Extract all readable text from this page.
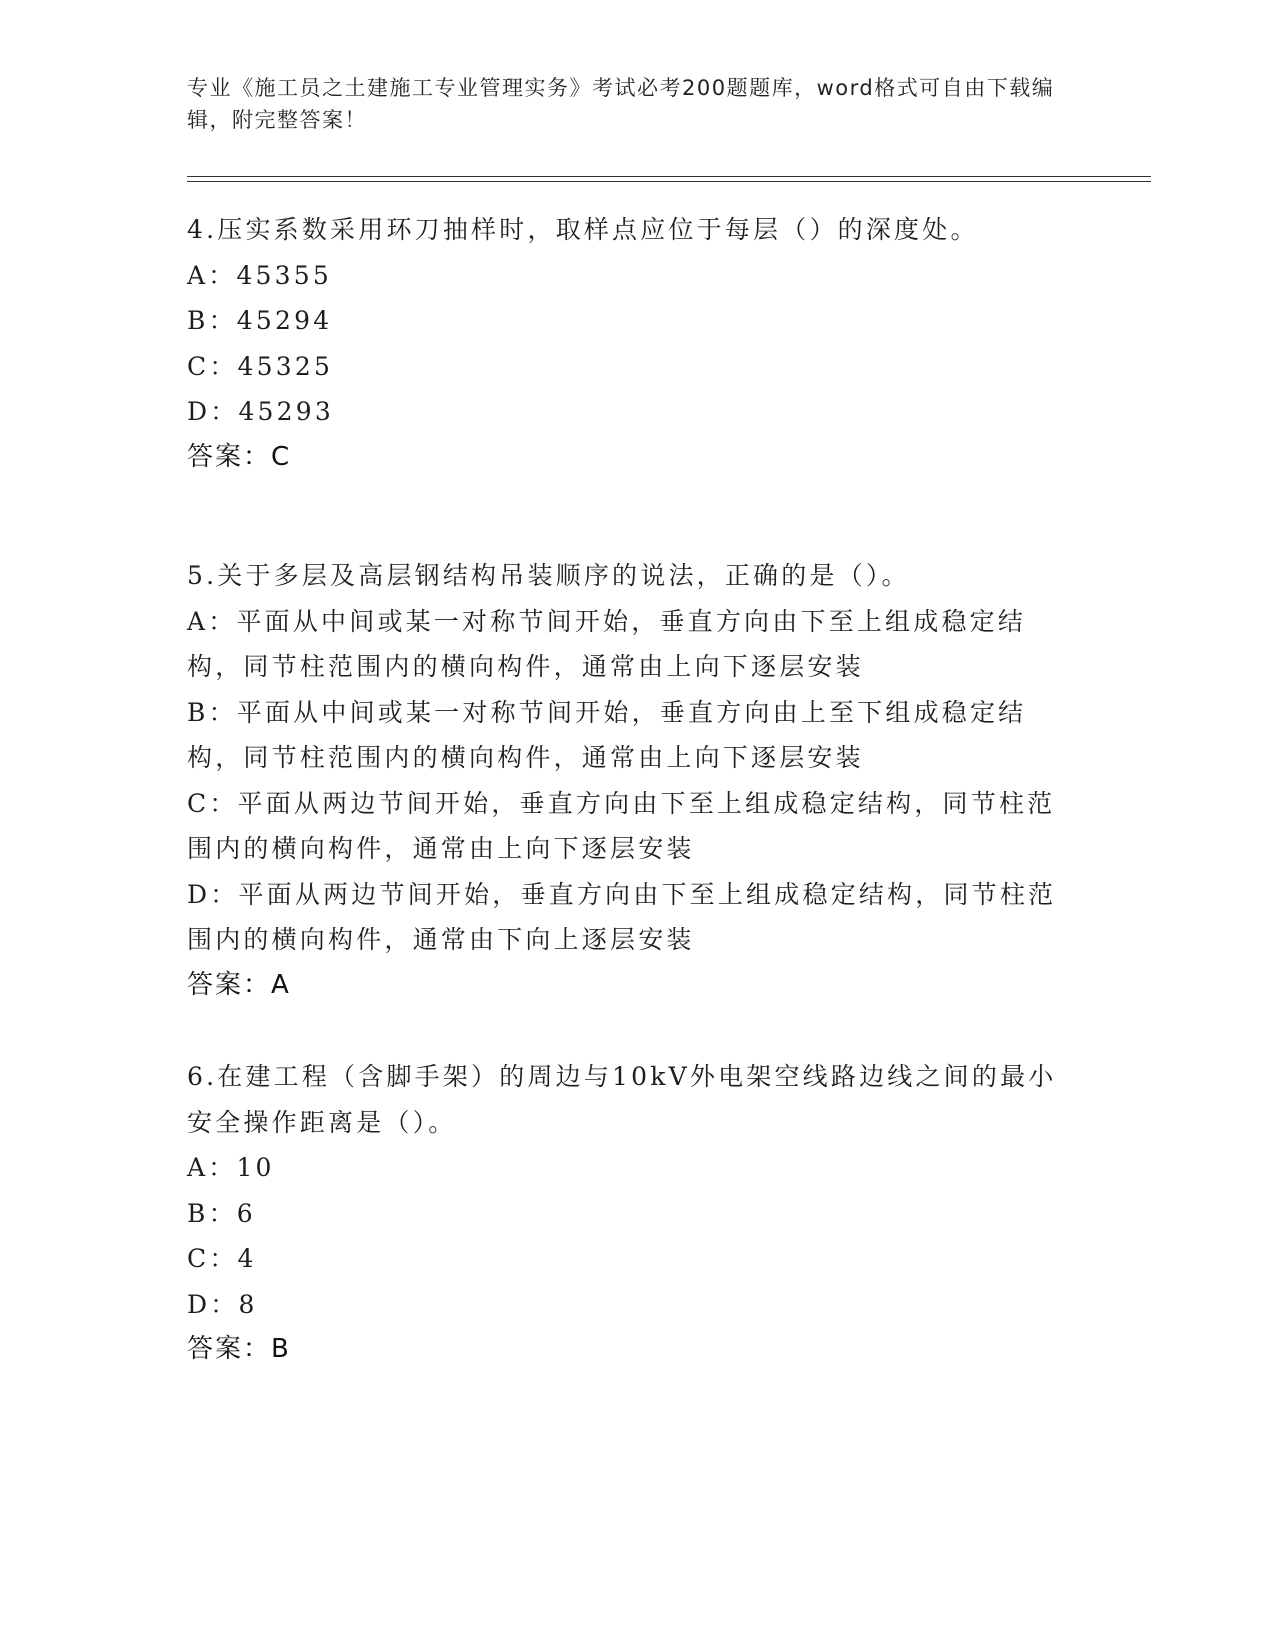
专业《施工员之土建施工专业管理实务》考试必考200题题库，word格式可自由下载编辑，附完整答案！

4.压实系数采用环刀抽样时，取样点应位于每层（）的深度处。

A：45355

B：45294

C：45325

D：45293

答案：C

5.关于多层及高层钢结构吊装顺序的说法，正确的是（）。

A：平面从中间或某一对称节间开始，垂直方向由下至上组成稳定结构，同节柱范围内的横向构件，通常由上向下逐层安装

B：平面从中间或某一对称节间开始，垂直方向由上至下组成稳定结构，同节柱范围内的横向构件，通常由上向下逐层安装

C：平面从两边节间开始，垂直方向由下至上组成稳定结构，同节柱范围内的横向构件，通常由上向下逐层安装

D：平面从两边节间开始，垂直方向由下至上组成稳定结构，同节柱范围内的横向构件，通常由下向上逐层安装

答案：A

6.在建工程（含脚手架）的周边与10kV外电架空线路边线之间的最小安全操作距离是（）。

A：10

B：6

C：4

D：8

答案：B
